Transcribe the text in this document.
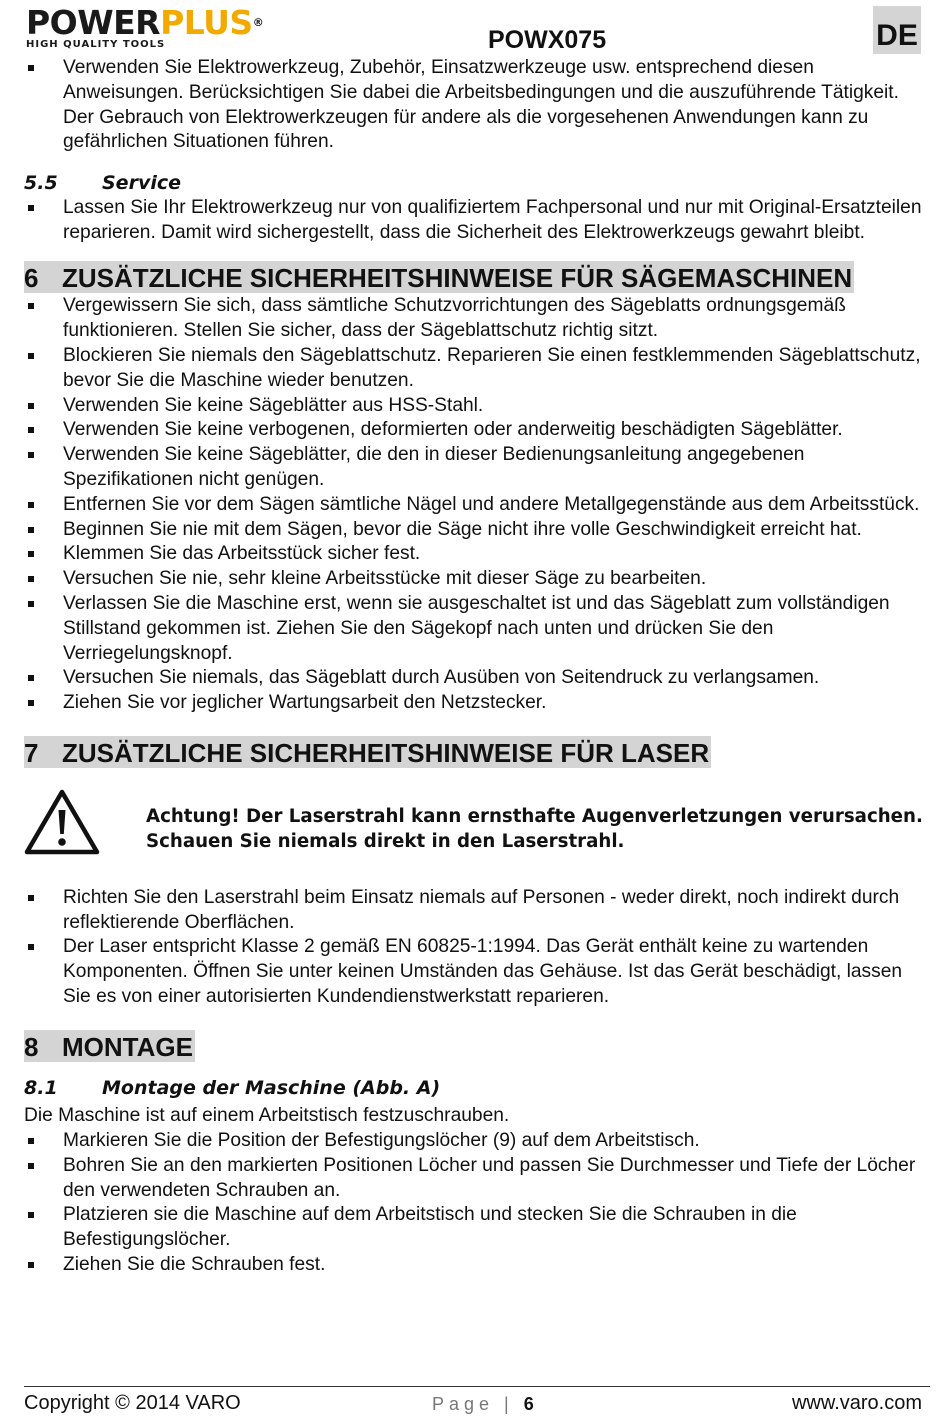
POWERPLUS®
HIGH QUALITY TOOLS	POWX075	DE
Verwenden Sie Elektrowerkzeug, Zubehör, Einsatzwerkzeuge usw. entsprechend diesen Anweisungen. Berücksichtigen Sie dabei die Arbeitsbedingungen und die auszuführende Tätigkeit. Der Gebrauch von Elektrowerkzeugen für andere als die vorgesehenen Anwendungen kann zu gefährlichen Situationen führen.
5.5 Service
Lassen Sie Ihr Elektrowerkzeug nur von qualifiziertem Fachpersonal und nur mit Original-Ersatzteilen reparieren. Damit wird sichergestellt, dass die Sicherheit des Elektrowerkzeugs gewahrt bleibt.
6 ZUSÄTZLICHE SICHERHEITSHINWEISE FÜR SÄGEMASCHINEN
Vergewissern Sie sich, dass sämtliche Schutzvorrichtungen des Sägeblatts ordnungsgemäß funktionieren. Stellen Sie sicher, dass der Sägeblattschutz richtig sitzt.
Blockieren Sie niemals den Sägeblattschutz. Reparieren Sie einen festklemmenden Sägeblattschutz, bevor Sie die Maschine wieder benutzen.
Verwenden Sie keine Sägeblätter aus HSS-Stahl.
Verwenden Sie keine verbogenen, deformierten oder anderweitig beschädigten Sägeblätter.
Verwenden Sie keine Sägeblätter, die den in dieser Bedienungsanleitung angegebenen Spezifikationen nicht genügen.
Entfernen Sie vor dem Sägen sämtliche Nägel und andere Metallgegenstände aus dem Arbeitsstück.
Beginnen Sie nie mit dem Sägen, bevor die Säge nicht ihre volle Geschwindigkeit erreicht hat.
Klemmen Sie das Arbeitsstück sicher fest.
Versuchen Sie nie, sehr kleine Arbeitsstücke mit dieser Säge zu bearbeiten.
Verlassen Sie die Maschine erst, wenn sie ausgeschaltet ist und das Sägeblatt zum vollständigen Stillstand gekommen ist. Ziehen Sie den Sägekopf nach unten und drücken Sie den Verriegelungsknopf.
Versuchen Sie niemals, das Sägeblatt durch Ausüben von Seitendruck zu verlangsamen.
Ziehen Sie vor jeglicher Wartungsarbeit den Netzstecker.
7 ZUSÄTZLICHE SICHERHEITSHINWEISE FÜR LASER
Achtung! Der Laserstrahl kann ernsthafte Augenverletzungen verursachen.
Schauen Sie niemals direkt in den Laserstrahl.
Richten Sie den Laserstrahl beim Einsatz niemals auf Personen - weder direkt, noch indirekt durch reflektierende Oberflächen.
Der Laser entspricht Klasse 2 gemäß EN 60825-1:1994. Das Gerät enthält keine zu wartenden Komponenten. Öffnen Sie unter keinen Umständen das Gehäuse. Ist das Gerät beschädigt, lassen Sie es von einer autorisierten Kundendienstwerkstatt reparieren.
8 MONTAGE
8.1 Montage der Maschine (Abb. A)
Die Maschine ist auf einem Arbeitstisch festzuschrauben.
Markieren Sie die Position der Befestigungslöcher (9) auf dem Arbeitstisch.
Bohren Sie an den markierten Positionen Löcher und passen Sie Durchmesser und Tiefe der Löcher den verwendeten Schrauben an.
Platzieren sie die Maschine auf dem Arbeitstisch und stecken Sie die Schrauben in die Befestigungslöcher.
Ziehen Sie die Schrauben fest.
Copyright © 2014 VARO	Page | 6	www.varo.com
